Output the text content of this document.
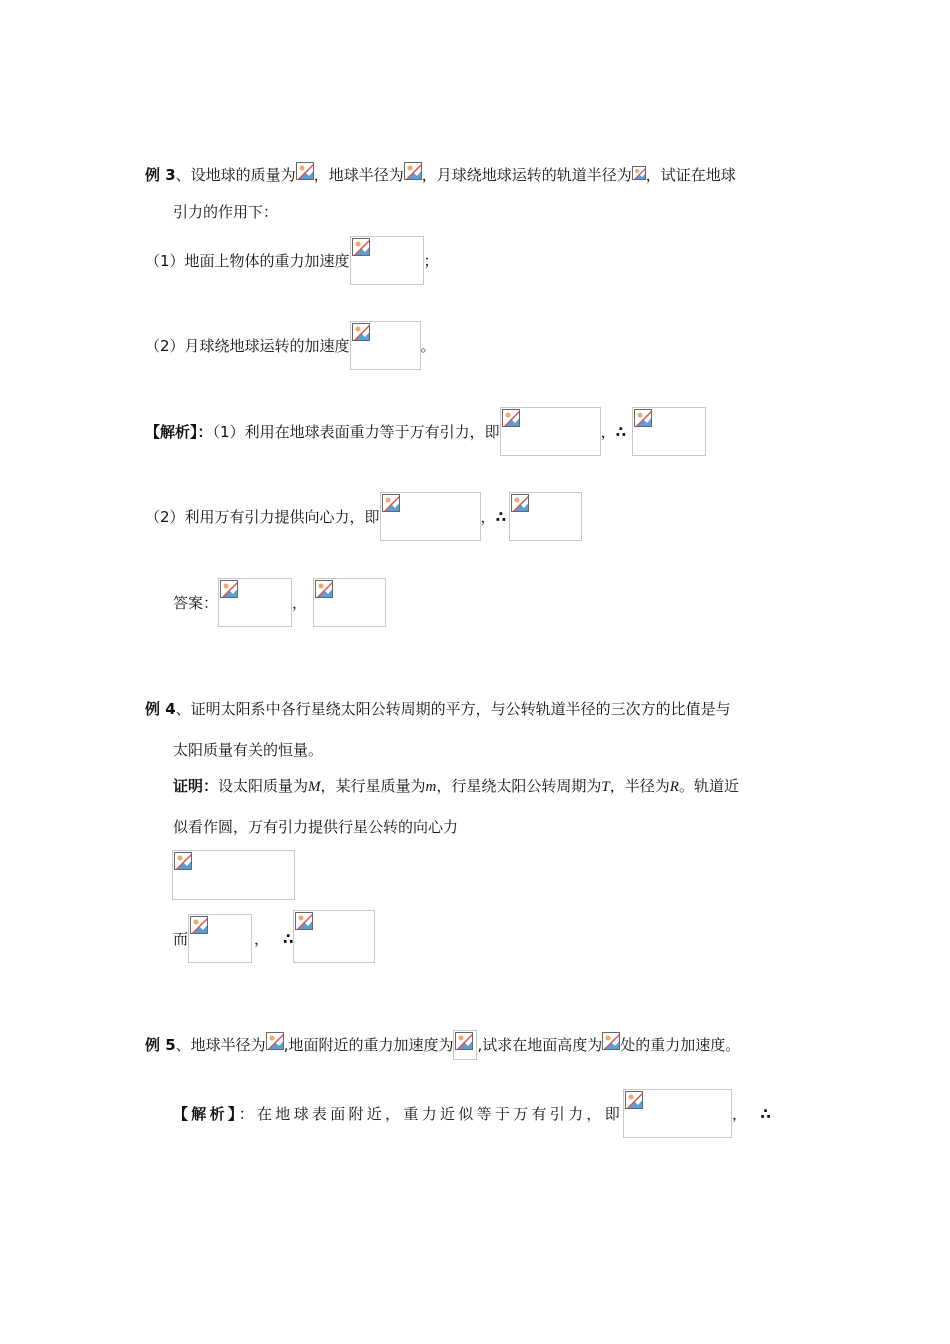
例 3、设地球的质量为 ，地球半径为 ，月球绕地球运转的轨道半径为 ，试证在地球
引力的作用下：
（1）地面上物体的重力加速度	；
（2）月球绕地球运转的加速度	。
【解析】：（1）利用在地球表面重力等于万有引力，即	，∴
（2）利用万有引力提供向心力，即	，∴
答案：	，
例 4、证明太阳系中各行星绕太阳公转周期的平方，与公转轨道半径的三次方的比值是与
太阳质量有关的恒量。
证明：设太阳质量为M，某行星质量为m，行星绕太阳公转周期为T，半径为R。轨道近
似看作圆，万有引力提供行星公转的向心力
而	， ∴
例 5、地球半径为 ,地面附近的重力加速度为 ,试求在地面高度为 处的重力加速度。
【解析】：在地球表面附近，重力近似等于万有引力，即	， ∴
